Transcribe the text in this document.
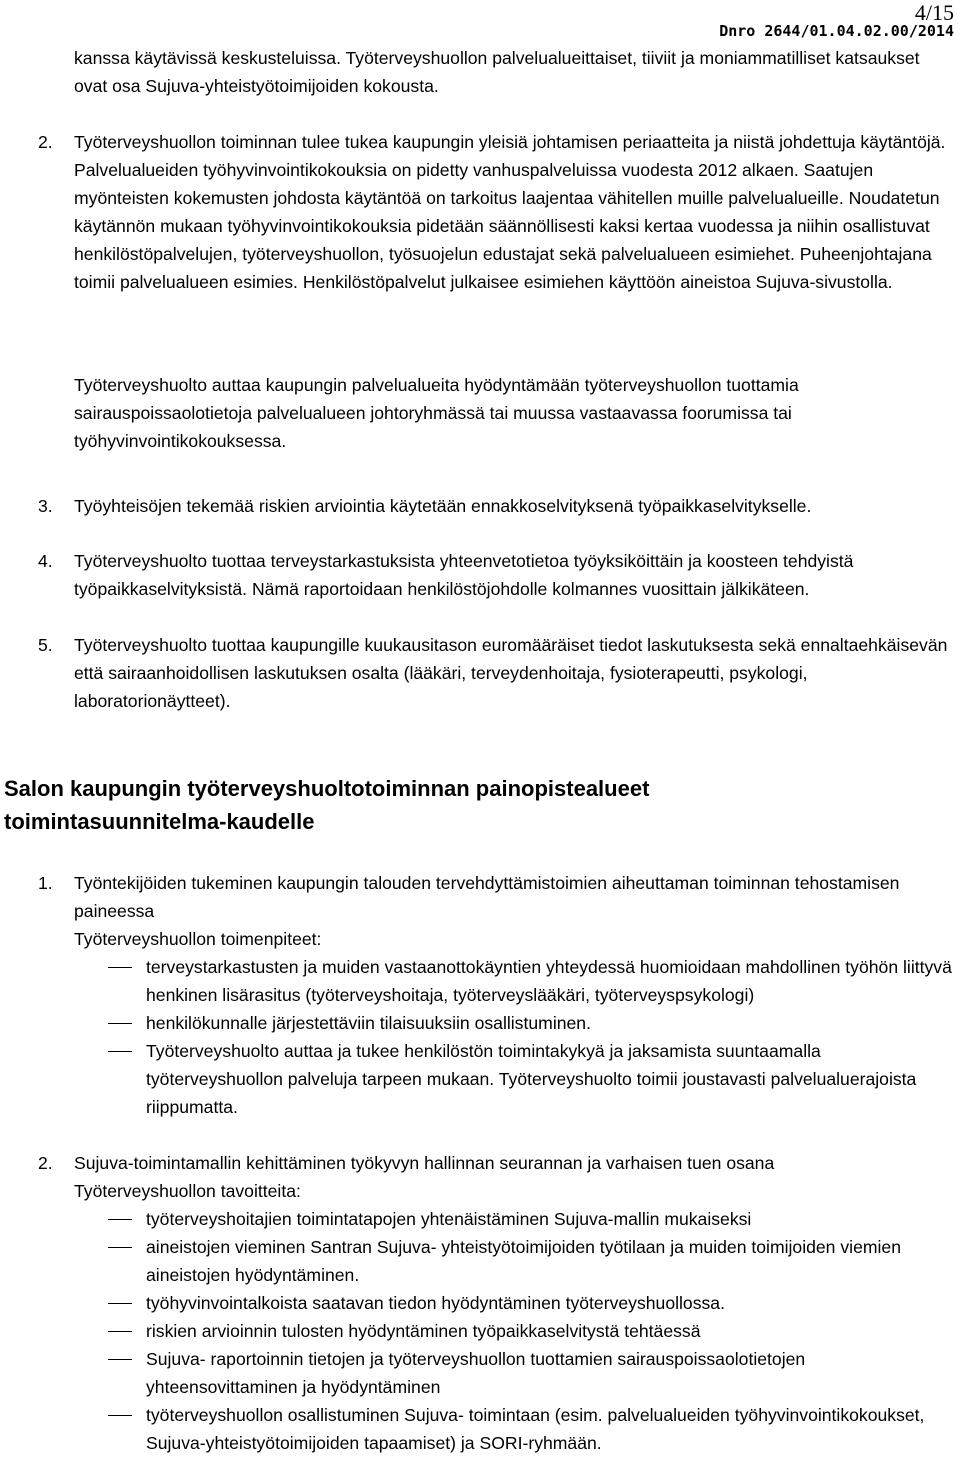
4/15
Dnro 2644/01.04.02.00/2014

kanssa käytävissä keskusteluissa. Työterveyshuollon palvelualueittaiset, tiiviit ja moniammatilliset katsaukset ovat osa Sujuva-yhteistyötoimijoiden kokousta.

2. Työterveyshuollon toiminnan tulee tukea kaupungin yleisiä johtamisen periaatteita ja niistä johdettuja käytäntöjä. Palvelualueiden työhyvinvointikokouksia on pidetty vanhuspalveluissa vuodesta 2012 alkaen. Saatujen myönteisten kokemusten johdosta käytäntöä on tarkoitus laajentaa vähitellen muille palvelualueille. Noudatetun käytännön mukaan työhyvinvointikokouksia pidetään säännöllisesti kaksi kertaa vuodessa ja niihin osallistuvat henkilöstöpalvelujen, työterveyshuollon, työsuojelun edustajat sekä palvelualueen esimiehet. Puheenjohtajana toimii palvelualueen esimies. Henkilöstöpalvelut julkaisee esimiehen käyttöön aineistoa Sujuva-sivustolla.

Työterveyshuolto auttaa kaupungin palvelualueita hyödyntämään työterveyshuollon tuottamia sairauspoissaolotietoja palvelualueen johtoryhmässä tai muussa vastaavassa foorumissa tai työhyvinvointikokouksessa.

3. Työyhteisöjen tekemää riskien arviointia käytetään ennakkoselvityksenä työpaikkaselvitykselle.

4. Työterveyshuolto tuottaa terveystarkastuksista yhteenvetotietoa työyksiköittäin ja koosteen tehdyistä työpaikkaselvityksistä. Nämä raportoidaan henkilöstöjohdolle kolmannes vuosittain jälkikäteen.

5. Työterveyshuolto tuottaa kaupungille kuukausitason euromääräiset tiedot laskutuksesta sekä ennaltaehkäisevän että sairaanhoidollisen laskutuksen osalta (lääkäri, terveydenhoitaja, fysioterapeutti, psykologi, laboratorionäytteet).

Salon kaupungin työterveyshuoltotoiminnan painopistealueet
toimintasuunnitelma-kaudelle
1. Työntekijöiden tukeminen kaupungin talouden tervehdyttämistoimien aiheuttaman toiminnan tehostamisen paineessa

Työterveyshuollon toimenpiteet:

terveystarkastusten ja muiden vastaanottokäyntien yhteydessä huomioidaan mahdollinen työhön liittyvä henkinen lisärasitus (työterveyshoitaja, työterveyslääkäri, työterveyspsykologi)
henkilökunnalle järjestettäviin tilaisuuksiin osallistuminen.
Työterveyshuolto auttaa ja tukee henkilöstön toimintakykyä ja jaksamista suuntaamalla työterveyshuollon palveluja tarpeen mukaan. Työterveyshuolto toimii joustavasti palvelualuerajoista riippumatta.
2. Sujuva-toimintamallin kehittäminen työkyvyn hallinnan seurannan ja varhaisen tuen osana

Työterveyshuollon tavoitteita:

työterveyshoitajien toimintatapojen yhtenäistäminen Sujuva-mallin mukaiseksi
aineistojen vieminen Santran Sujuva- yhteistyötoimijoiden työtilaan ja muiden toimijoiden viemien aineistojen hyödyntäminen.
työhyvinvointalkoista saatavan tiedon hyödyntäminen työterveyshuollossa.
riskien arvioinnin tulosten hyödyntäminen työpaikkaselvitystä tehtäessä
Sujuva- raportoinnin tietojen ja työterveyshuollon tuottamien sairauspoissaolotietojen yhteensovittaminen ja hyödyntäminen
työterveyshuollon osallistuminen Sujuva- toimintaan (esim. palvelualueiden työhyvinvointikokoukset, Sujuva-yhteistyötoimijoiden tapaamiset) ja SORI-ryhmään.
